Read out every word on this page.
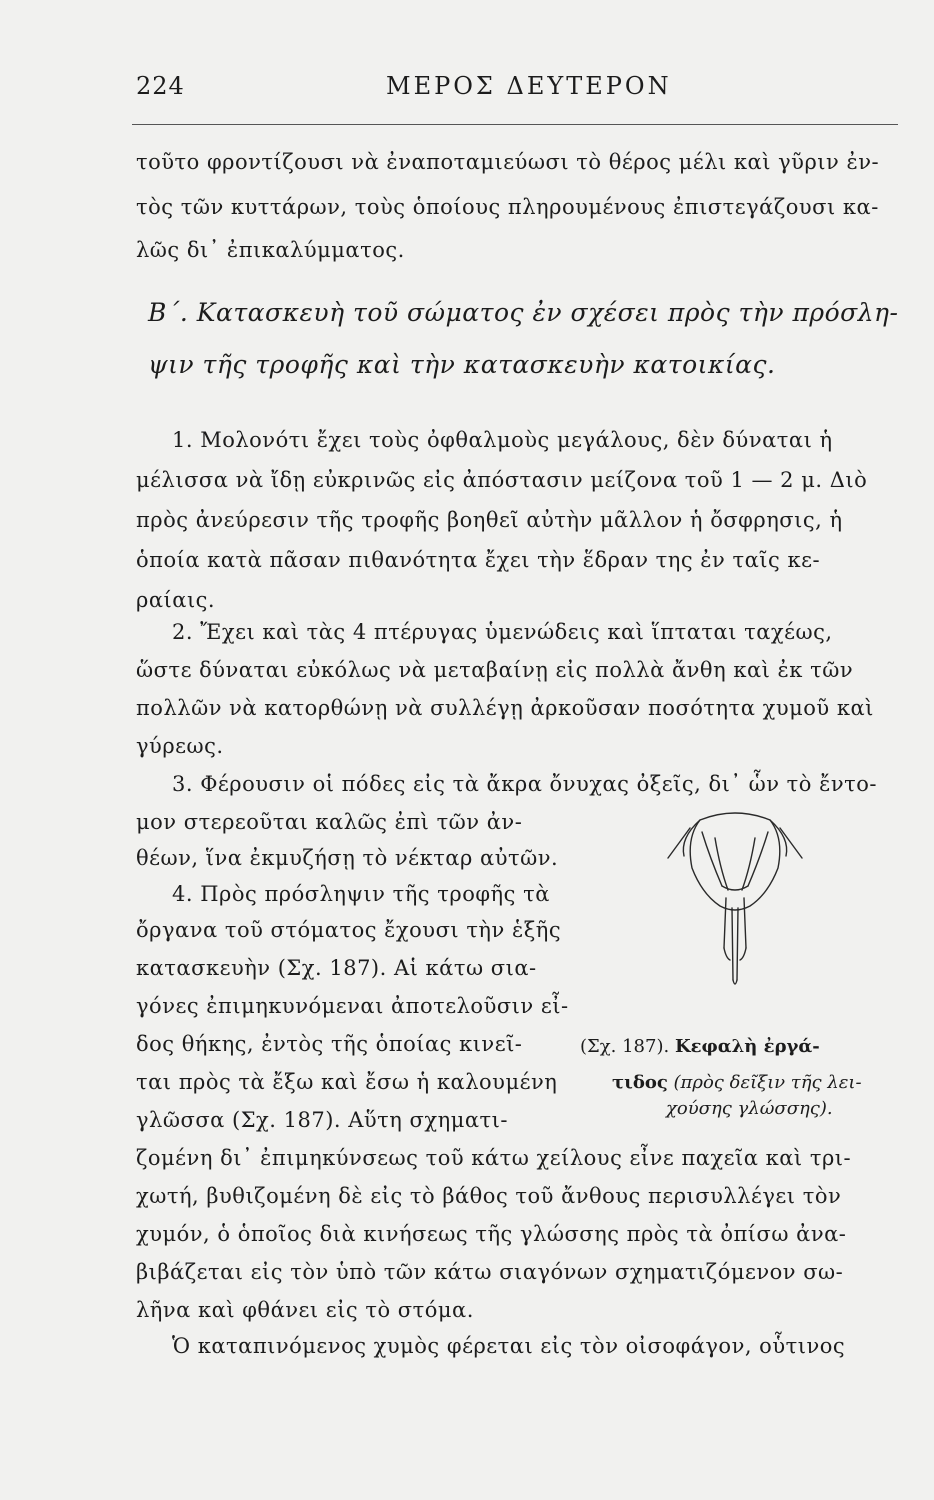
224	ΜΕΡΟΣ ΔΕΥΤΕΡΟΝ
τοῦτο φροντίζουσι νὰ ἐναποταμιεύωσι τὸ θέρος μέλι καὶ γῦριν ἐν-
τὸς τῶν κυττάρων, τοὺς ὁποίους πληρουμένους ἐπιστεγάζουσι κα-
λῶς δι᾽ ἐπικαλύμματος.
Β΄. Κατασκευὴ τοῦ σώματος ἐν σχέσει πρὸς τὴν πρόσλη-
ψιν τῆς τροφῆς καὶ τὴν κατασκευὴν κατοικίας.
1. Μολονότι ἔχει τοὺς ὀφθαλμοὺς μεγάλους, δὲν δύναται ἡ
μέλισσα νὰ ἴδῃ εὐκρινῶς εἰς ἀπόστασιν μείζονα τοῦ 1 — 2 μ. Διὸ
πρὸς ἀνεύρεσιν τῆς τροφῆς βοηθεῖ αὐτὴν μᾶλλον ἡ ὄσφρησις, ἡ
ὁποία κατὰ πᾶσαν πιθανότητα ἔχει τὴν ἕδραν της ἐν ταῖς κε-
ραίαις.
2. Ἔχει καὶ τὰς 4 πτέρυγας ὑμενώδεις καὶ ἵπταται ταχέως,
ὥστε δύναται εὐκόλως νὰ μεταβαίνῃ εἰς πολλὰ ἄνθη καὶ ἐκ τῶν
πολλῶν νὰ κατορθώνῃ νὰ συλλέγῃ ἀρκοῦσαν ποσότητα χυμοῦ καὶ
γύρεως.
3. Φέρουσιν οἱ πόδες εἰς τὰ ἄκρα ὄνυχας ὀξεῖς, δι᾽ ὧν τὸ ἔντο-
μον στερεοῦται καλῶς ἐπὶ τῶν ἀν-
θέων, ἵνα ἐκμυζήσῃ τὸ νέκταρ αὐτῶν.
4. Πρὸς πρόσληψιν τῆς τροφῆς τὰ
ὄργανα τοῦ στόματος ἔχουσι τὴν ἑξῆς
κατασκευὴν (Σχ. 187). Αἱ κάτω σια-
γόνες ἐπιμηκυνόμεναι ἀποτελοῦσιν εἶ-
δος θήκης, ἐντὸς τῆς ὁποίας κινεῖ-
ται πρὸς τὰ ἔξω καὶ ἔσω ἡ καλουμένη
γλῶσσα (Σχ. 187). Αὕτη σχηματι-
ζομένη δι᾽ ἐπιμηκύνσεως τοῦ κάτω χείλους εἶνε παχεῖα καὶ τρι-
χωτή, βυθιζομένη δὲ εἰς τὸ βάθος τοῦ ἄνθους περισυλλέγει τὸν
χυμόν, ὁ ὁποῖος διὰ κινήσεως τῆς γλώσσης πρὸς τὰ ὀπίσω ἀνα-
βιβάζεται εἰς τὸν ὑπὸ τῶν κάτω σιαγόνων σχηματιζόμενον σω-
λῆνα καὶ φθάνει εἰς τὸ στόμα.
Ὁ καταπινόμενος χυμὸς φέρεται εἰς τὸν οἰσοφάγον, οὗτινος
(Σχ. 187). Κεφαλὴ ἐργά-
τιδος (πρὸς δεῖξιν τῆς λει-
χούσης γλώσσης).
